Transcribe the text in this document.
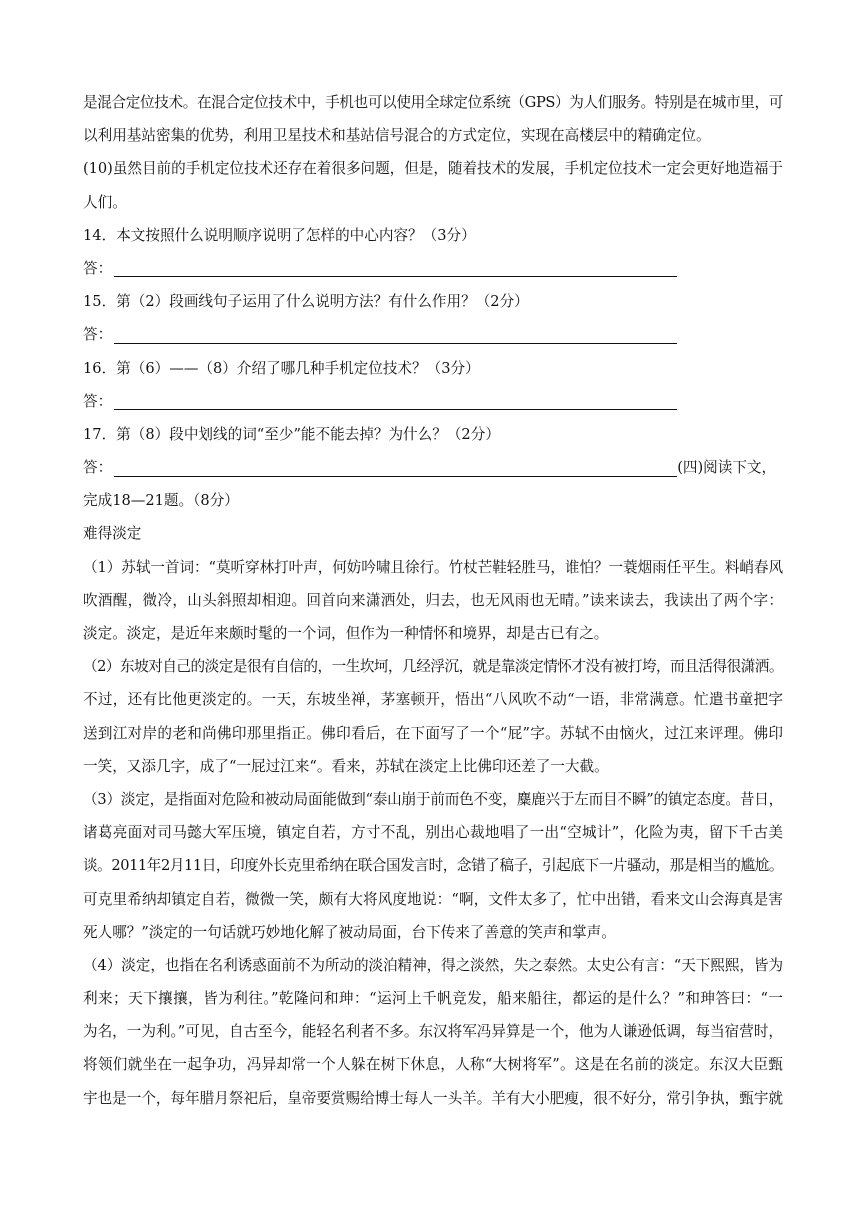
是混合定位技术。在混合定位技术中，手机也可以使用全球定位系统（GPS）为人们服务。特别是在城市里，可
以利用基站密集的优势，利用卫星技术和基站信号混合的方式定位，实现在高楼层中的精确定位。
(10)虽然目前的手机定位技术还存在着很多问题，但是，随着技术的发展，手机定位技术一定会更好地造福于
人们。
14．本文按照什么说明顺序说明了怎样的中心内容？（3分）
答：
15．第（2）段画线句子运用了什么说明方法？有什么作用？（2分）
答：
16．第（6）——（8）介绍了哪几种手机定位技术？（3分）
答：
17．第（8）段中划线的词“至少”能不能去掉？为什么？（2分）
答：	(四)阅读下文，
完成18—21题。（8分）
难得淡定
（1）苏轼一首词：“莫听穿林打叶声，何妨吟啸且徐行。竹杖芒鞋轻胜马，谁怕？一蓑烟雨任平生。料峭春风
吹酒醒，微冷，山头斜照却相迎。回首向来潇洒处，归去，也无风雨也无晴。”读来读去，我读出了两个字：
淡定。淡定，是近年来颇时髦的一个词，但作为一种情怀和境界，却是古已有之。
（2）东坡对自己的淡定是很有自信的，一生坎坷，几经浮沉，就是靠淡定情怀才没有被打垮，而且活得很潇洒。
不过，还有比他更淡定的。一天，东坡坐禅，茅塞顿开，悟出“八风吹不动“一语，非常满意。忙遣书童把字
送到江对岸的老和尚佛印那里指正。佛印看后，在下面写了一个“屁”字。苏轼不由恼火，过江来评理。佛印
一笑，又添几字，成了“一屁过江来“。看来，苏轼在淡定上比佛印还差了一大截。
（3）淡定，是指面对危险和被动局面能做到“泰山崩于前而色不变，麋鹿兴于左而目不瞬”的镇定态度。昔日，
诸葛亮面对司马懿大军压境，镇定自若，方寸不乱，别出心裁地唱了一出“空城计”，化险为夷，留下千古美
谈。2011年2月11日，印度外长克里希纳在联合国发言时，念错了稿子，引起底下一片骚动，那是相当的尴尬。
可克里希纳却镇定自若，微微一笑，颇有大将风度地说：“啊，文件太多了，忙中出错，看来文山会海真是害
死人哪？”淡定的一句话就巧妙地化解了被动局面，台下传来了善意的笑声和掌声。
（4）淡定，也指在名利诱惑面前不为所动的淡泊精神，得之淡然，失之泰然。太史公有言：“天下熙熙，皆为
利来；天下攘攘，皆为利往。”乾隆问和珅：“运河上千帆竞发，船来船往，都运的是什么？”和珅答曰：“一
为名，一为利。”可见，自古至今，能轻名利者不多。东汉将军冯异算是一个，他为人谦逊低调，每当宿营时，
将领们就坐在一起争功，冯异却常一个人躲在树下休息，人称“大树将军”。这是在名前的淡定。东汉大臣甄
宇也是一个，每年腊月祭祀后，皇帝要赏赐给博士每人一头羊。羊有大小肥瘦，很不好分，常引争执，甄宇就
